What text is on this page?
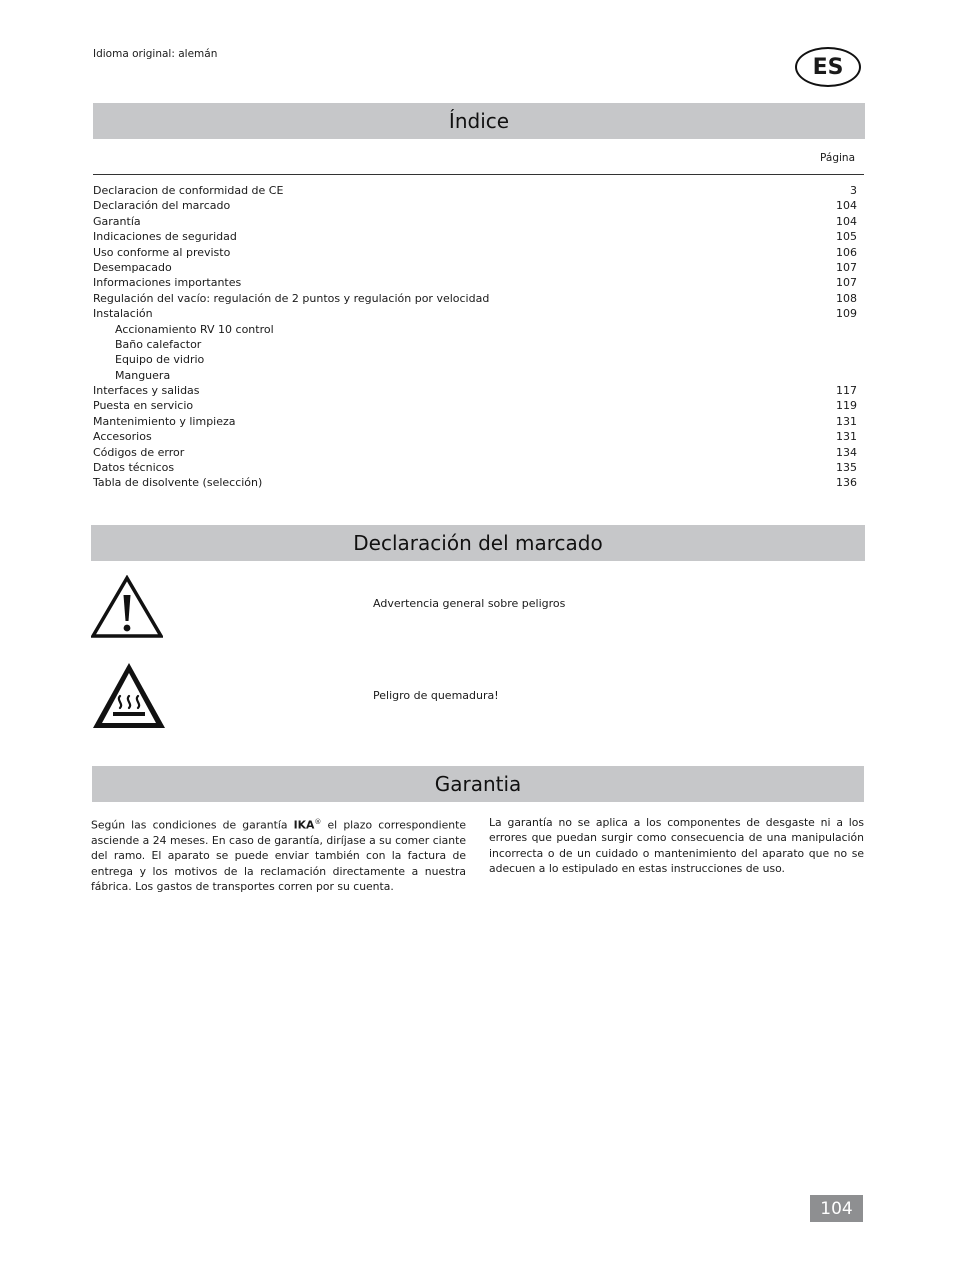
Idioma original: alemán
ES
Índice
Página
Declaracion de conformidad de CE	3
Declaración del marcado	104
Garantía	104
Indicaciones de seguridad	105
Uso conforme al previsto	106
Desempacado	107
Informaciones importantes	107
Regulación del vacío: regulación de 2 puntos y regulación por velocidad	108
Instalación	109
Accionamiento RV 10 control
Baño calefactor
Equipo de vidrio
Manguera
Interfaces y salidas	117
Puesta en servicio	119
Mantenimiento y limpieza	131
Accesorios	131
Códigos de error	134
Datos técnicos	135
Tabla de disolvente (selección)	136
Declaración del marcado
Advertencia general sobre peligros
Peligro de quemadura!
Garantia
Según las condiciones de garantía IKA® el plazo correspondiente asciende a 24 meses. En caso de garantía, diríjase a su comer ciante del ramo. El aparato se puede enviar también con la factura de entrega y los motivos de la reclamación directamente a nuestra fábrica. Los gastos de transportes corren por su cuenta.
La garantía no se aplica a los componentes de desgaste ni a los errores que puedan surgir como consecuencia de una manipulación incorrecta o de un cuidado o mantenimiento del aparato que no se adecuen a lo estipulado en estas instrucciones de uso.
104
